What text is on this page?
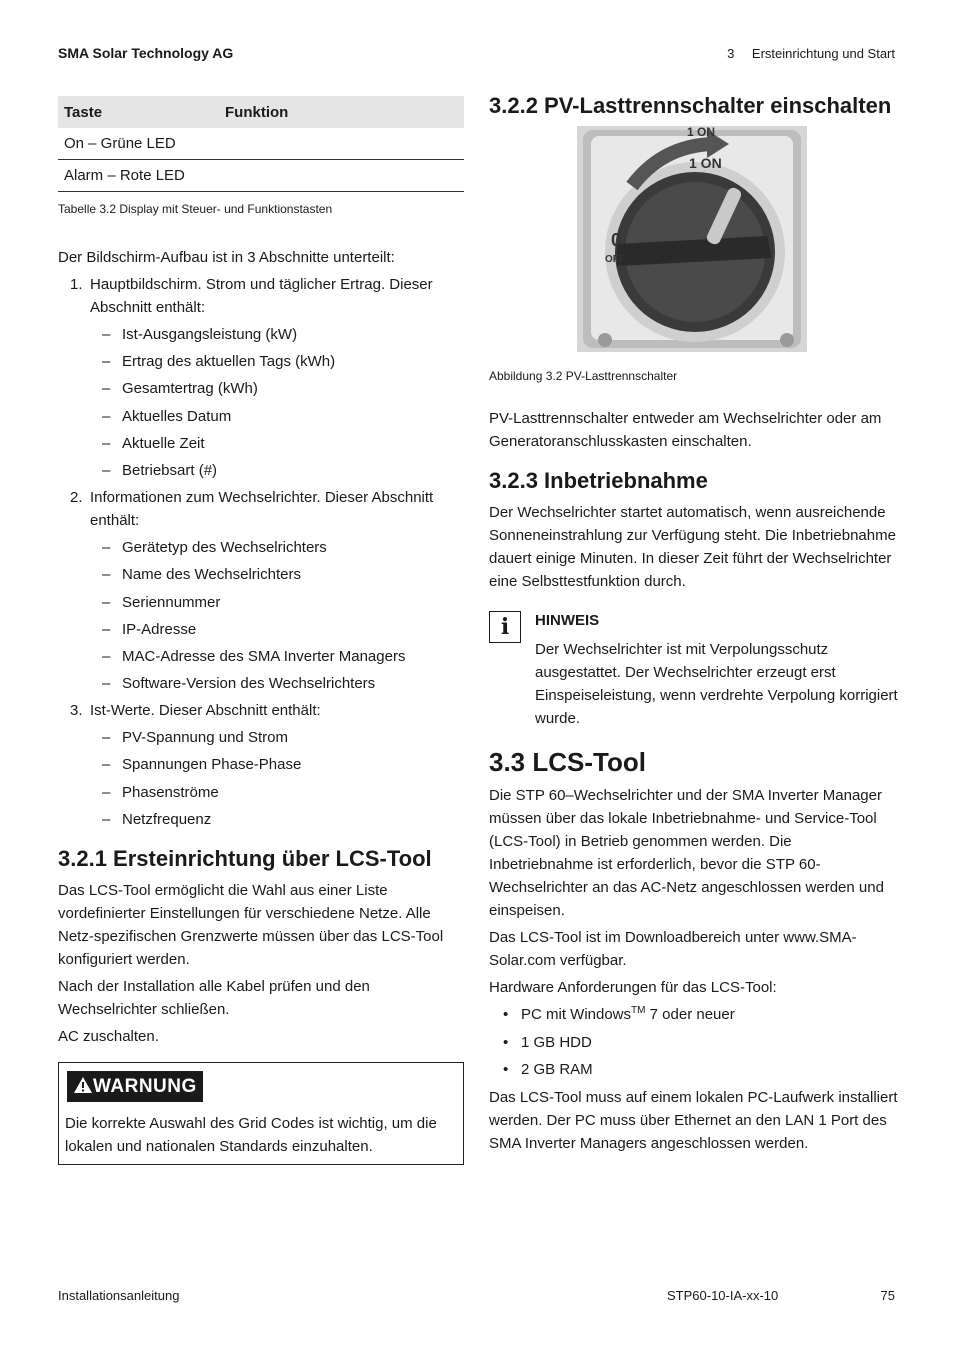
SMA Solar Technology AG	3 Ersteinrichtung und Start
Taste	Funktion
On – Grüne LED	
Alarm – Rote LED	
Tabelle 3.2 Display mit Steuer- und Funktionstasten

Der Bildschirm-Aufbau ist in 3 Abschnitte unterteilt:

1. Hauptbildschirm. Strom und täglicher Ertrag. Dieser Abschnitt enthält:
– Ist-Ausgangsleistung (kW)
– Ertrag des aktuellen Tags (kWh)
– Gesamtertrag (kWh)
– Aktuelles Datum
– Aktuelle Zeit
– Betriebsart (#)
2. Informationen zum Wechselrichter. Dieser Abschnitt enthält:
– Gerätetyp des Wechselrichters
– Name des Wechselrichters
– Seriennummer
– IP-Adresse
– MAC-Adresse des SMA Inverter Managers
– Software-Version des Wechselrichters
3. Ist-Werte. Dieser Abschnitt enthält:
– PV-Spannung und Strom
– Spannungen Phase-Phase
– Phasenströme
– Netzfrequenz
3.2.1 Ersteinrichtung über LCS-Tool

Das LCS-Tool ermöglicht die Wahl aus einer Liste vordefinierter Einstellungen für verschiedene Netze. Alle Netz-spezifischen Grenzwerte müssen über das LCS-Tool konfiguriert werden.

Nach der Installation alle Kabel prüfen und den Wechselrichter schließen.

AC zuschalten.

WARNUNG
Die korrekte Auswahl des Grid Codes ist wichtig, um die lokalen und nationalen Standards einzuhalten.
3.2.2 PV-Lasttrennschalter einschalten
1 ON
1 ON
0
OFF
Abbildung 3.2 PV-Lasttrennschalter

PV-Lasttrennschalter entweder am Wechselrichter oder am Generatoranschlusskasten einschalten.

3.2.3 Inbetriebnahme

Der Wechselrichter startet automatisch, wenn ausreichende Sonneneinstrahlung zur Verfügung steht. Die Inbetriebnahme dauert einige Minuten. In dieser Zeit führt der Wechselrichter eine Selbsttestfunktion durch.

i	HINWEIS
Der Wechselrichter ist mit Verpolungsschutz ausgestattet. Der Wechselrichter erzeugt erst Einspeiseleistung, wenn verdrehte Verpolung korrigiert wurde.
3.3 LCS-Tool

Die STP 60–Wechselrichter und der SMA Inverter Manager müssen über das lokale Inbetriebnahme- und Service-Tool (LCS-Tool) in Betrieb genommen werden. Die Inbetriebnahme ist erforderlich, bevor die STP 60-Wechselrichter an das AC-Netz angeschlossen werden und einspeisen.

Das LCS-Tool ist im Downloadbereich unter www.SMA-Solar.com verfügbar.

Hardware Anforderungen für das LCS-Tool:

• PC mit Windows™ 7 oder neuer
• 1 GB HDD
• 2 GB RAM

Das LCS-Tool muss auf einem lokalen PC-Laufwerk installiert werden. Der PC muss über Ethernet an den LAN 1 Port des SMA Inverter Managers angeschlossen werden.

Installationsanleitung	STP60-10-IA-xx-10	75
